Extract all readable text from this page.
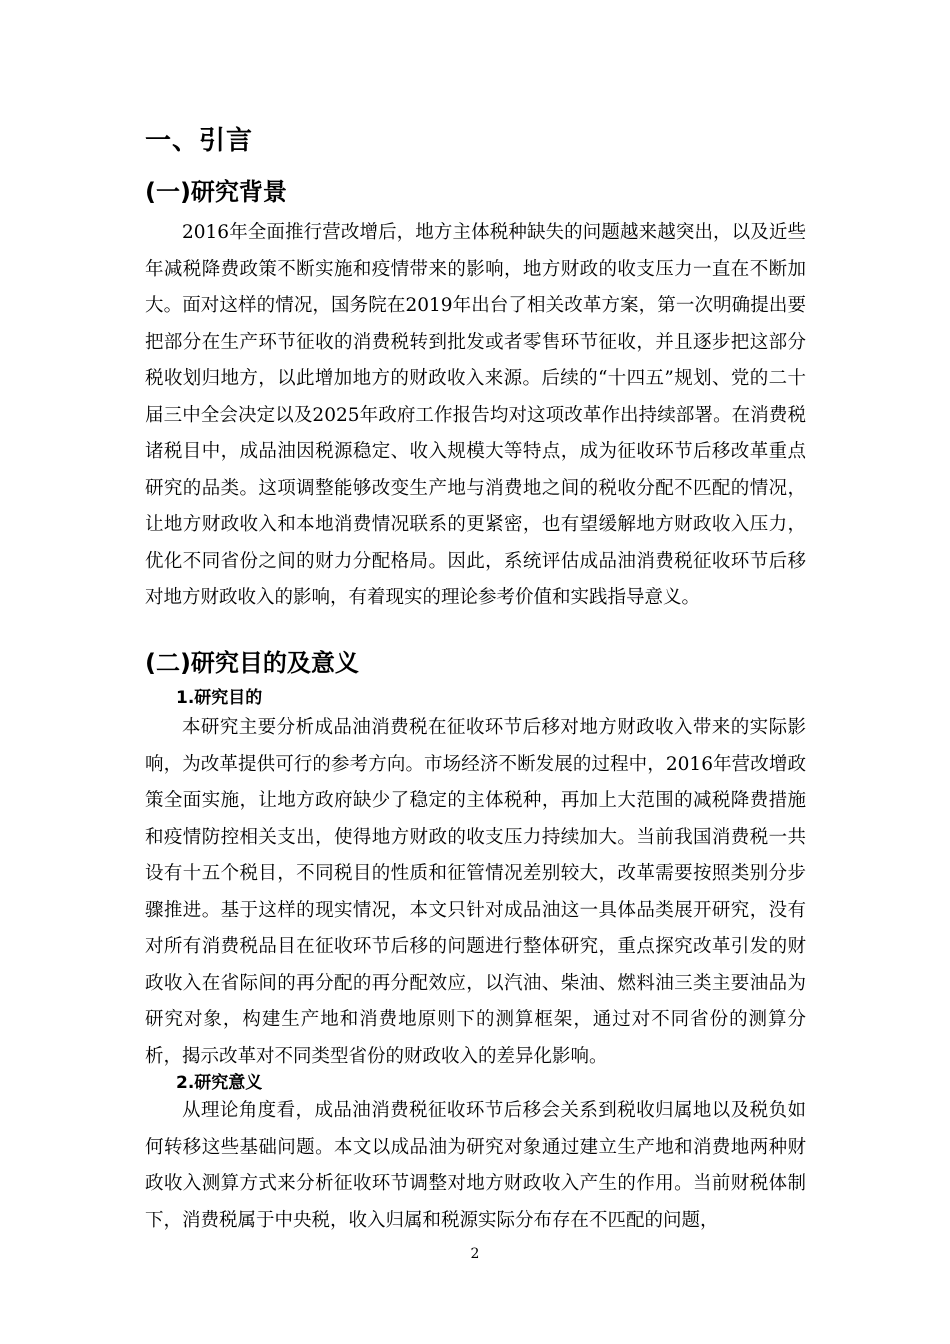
一、引言
(一)研究背景

2016年全面推行营改增后，地方主体税种缺失的问题越来越突出，以及近些年减税降费政策不断实施和疫情带来的影响，地方财政的收支压力一直在不断加大。面对这样的情况，国务院在2019年出台了相关改革方案，第一次明确提出要把部分在生产环节征收的消费税转到批发或者零售环节征收，并且逐步把这部分税收划归地方，以此增加地方的财政收入来源。后续的“十四五”规划、党的二十届三中全会决定以及2025年政府工作报告均对这项改革作出持续部署。在消费税诸税目中，成品油因税源稳定、收入规模大等特点，成为征收环节后移改革重点研究的品类。这项调整能够改变生产地与消费地之间的税收分配不匹配的情况，让地方财政收入和本地消费情况联系的更紧密，也有望缓解地方财政收入压力，优化不同省份之间的财力分配格局。因此，系统评估成品油消费税征收环节后移对地方财政收入的影响，有着现实的理论参考价值和实践指导意义。

(二)研究目的及意义
1.研究目的

本研究主要分析成品油消费税在征收环节后移对地方财政收入带来的实际影响，为改革提供可行的参考方向。市场经济不断发展的过程中，2016年营改增政策全面实施，让地方政府缺少了稳定的主体税种，再加上大范围的减税降费措施和疫情防控相关支出，使得地方财政的收支压力持续加大。当前我国消费税一共设有十五个税目，不同税目的性质和征管情况差别较大，改革需要按照类别分步骤推进。基于这样的现实情况，本文只针对成品油这一具体品类展开研究，没有对所有消费税品目在征收环节后移的问题进行整体研究，重点探究改革引发的财政收入在省际间的再分配的再分配效应，以汽油、柴油、燃料油三类主要油品为研究对象，构建生产地和消费地原则下的测算框架，通过对不同省份的测算分析，揭示改革对不同类型省份的财政收入的差异化影响。

2.研究意义

从理论角度看，成品油消费税征收环节后移会关系到税收归属地以及税负如何转移这些基础问题。本文以成品油为研究对象通过建立生产地和消费地两种财政收入测算方式来分析征收环节调整对地方财政收入产生的作用。当前财税体制下，消费税属于中央税，收入归属和税源实际分布存在不匹配的问题，

2
